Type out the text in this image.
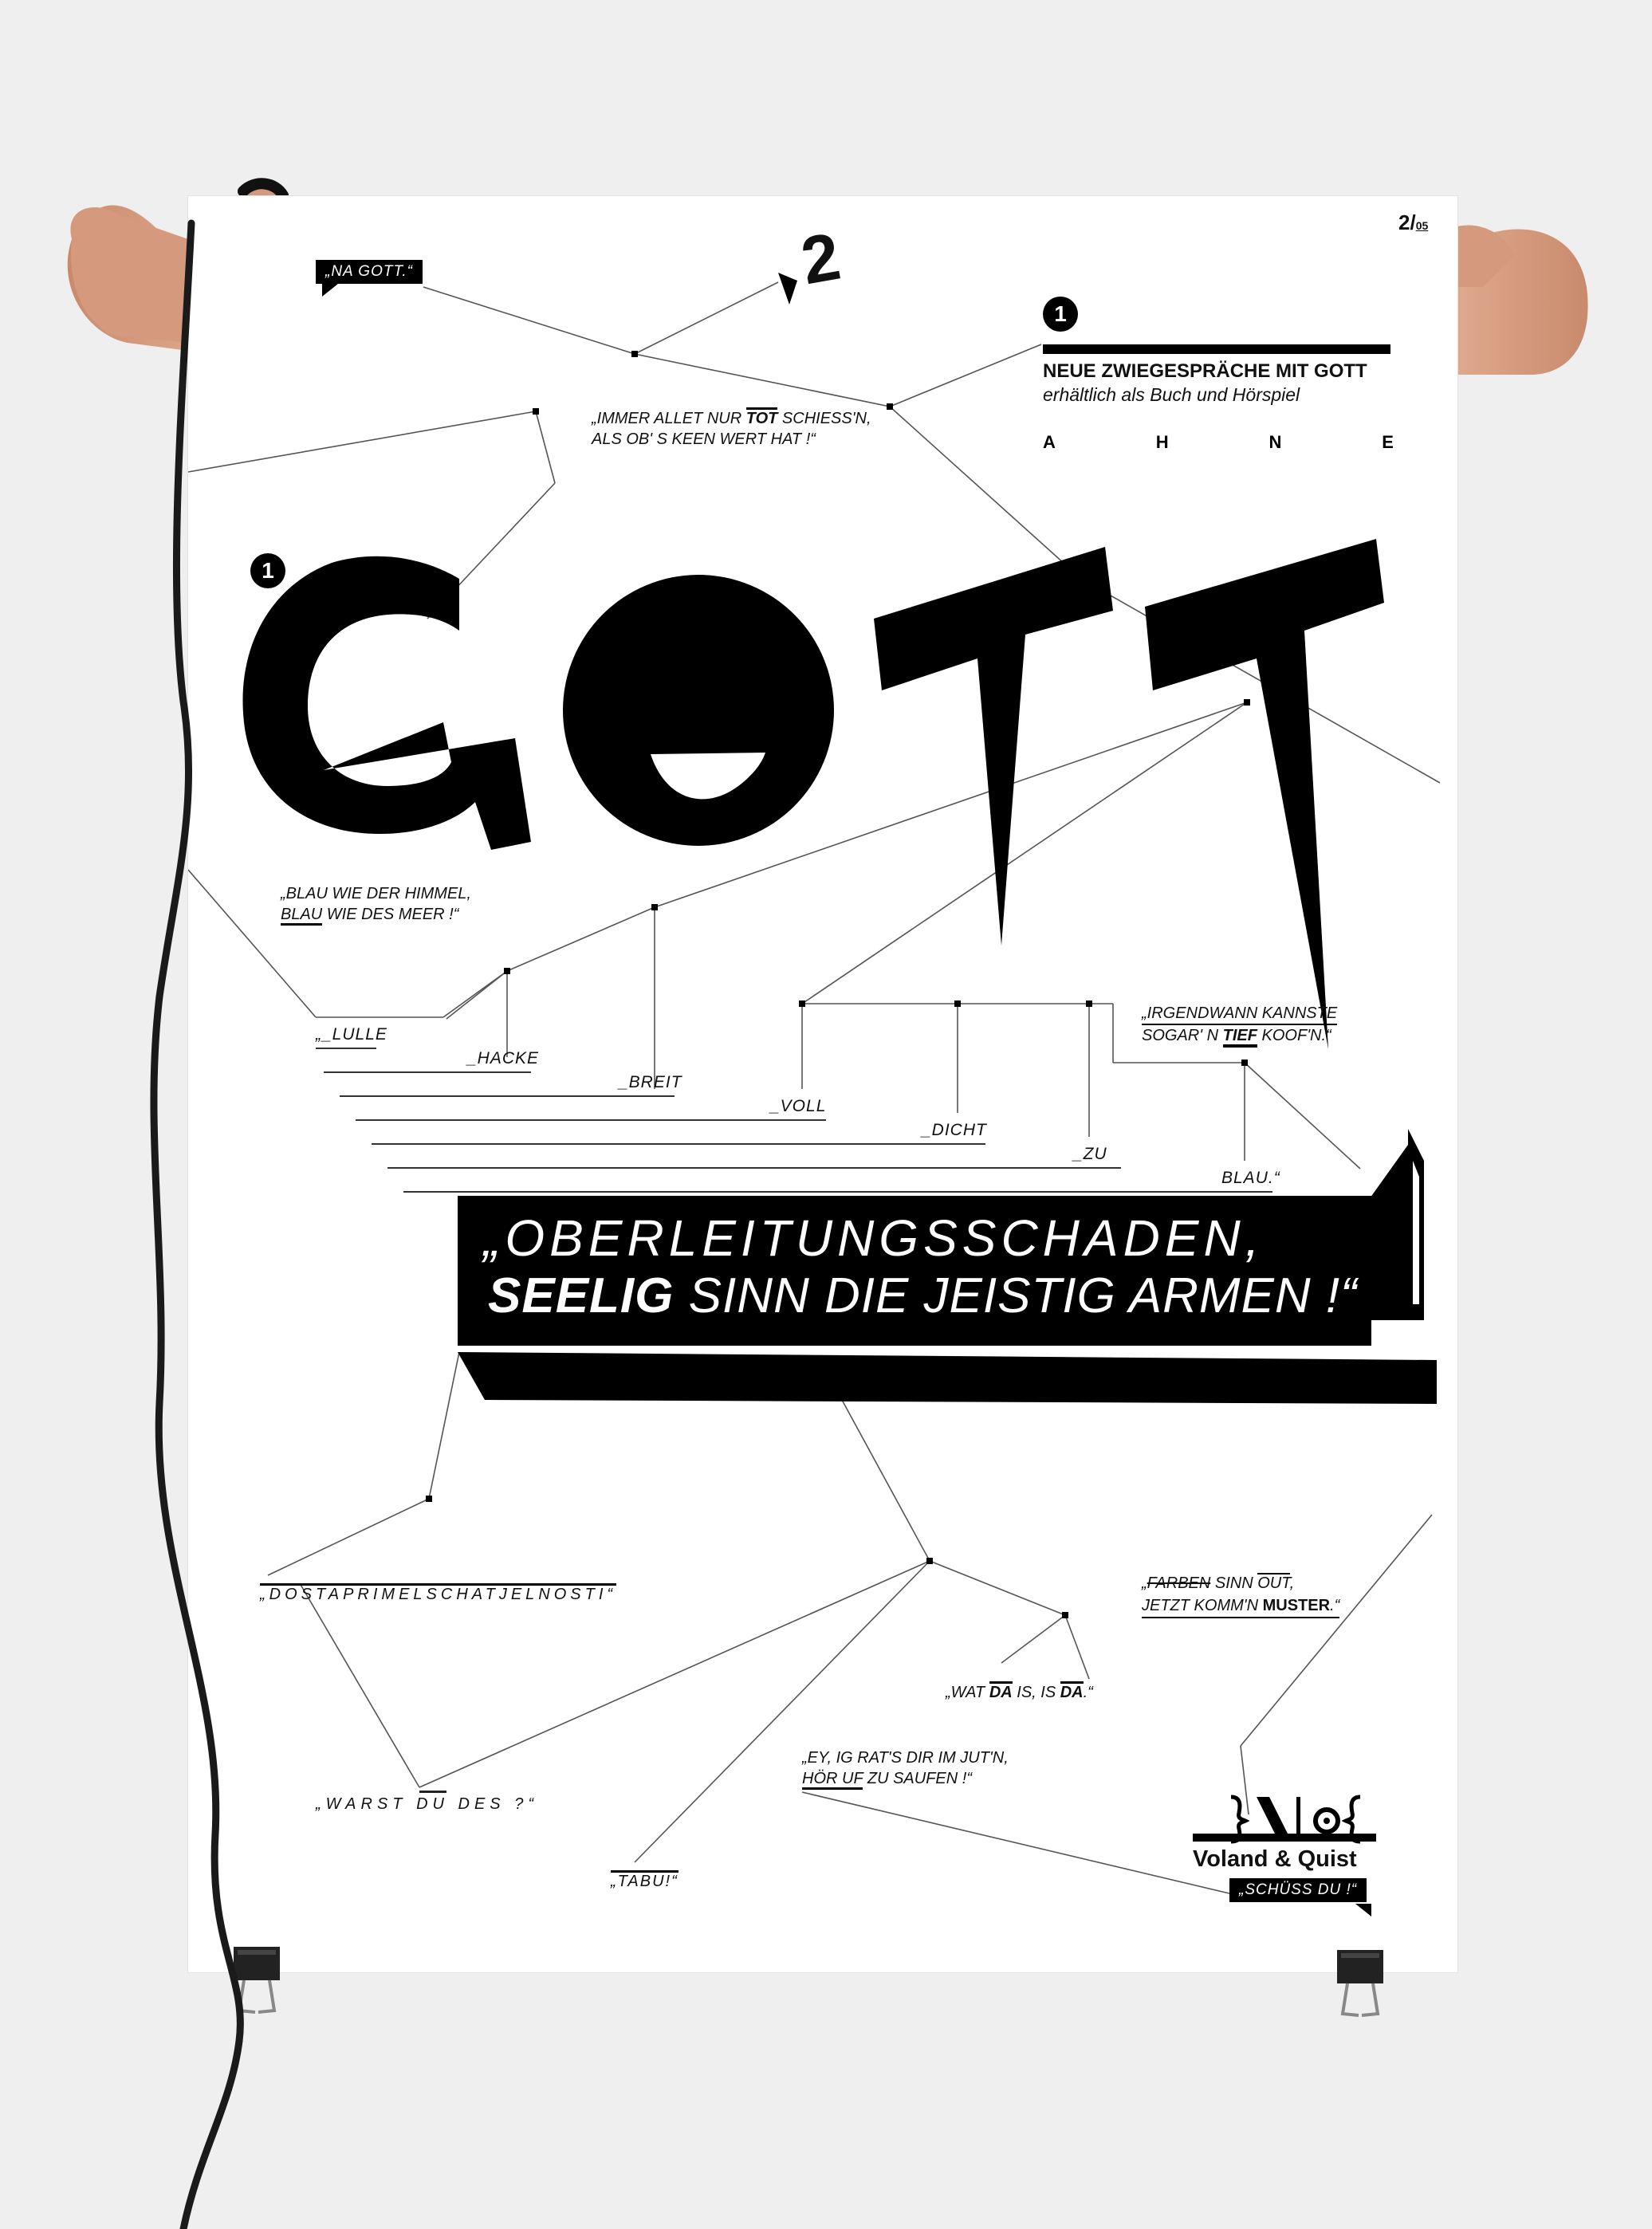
2/05
2
„NA GOTT.“
„IMMER ALLET NUR TOT SCHIESS'N,
ALS OB' S KEEN WERT HAT !“
1
NEUE ZWIEGESPRÄCHE MIT GOTT
erhältlich als Buch und Hörspiel
A	H	N	E
1
„BLAU WIE DER HIMMEL,
BLAU WIE DES MEER !“
„_LULLE
_HACKE
_BREIT
_VOLL
_DICHT
_ZU
BLAU.“
„IRGENDWANN KANNSTE
SOGAR' N TIEF KOOF'N.“
„OBERLEITUNGSSCHADEN,
SEELIG SINN DIE JEISTIG ARMEN !“
„DOSTAPRIMELSCHATJELNOSTI“
„FARBEN SINN OUT,
JETZT KOMM'N MUSTER.“
„WAT DA IS, IS DA.“
„EY, IG RAT'S DIR IM JUT'N,
HÖR UF ZU SAUFEN !“
„WARST DU DES ?“
„TABU!“
Voland & Quist
„SCHÜSS DU !“
